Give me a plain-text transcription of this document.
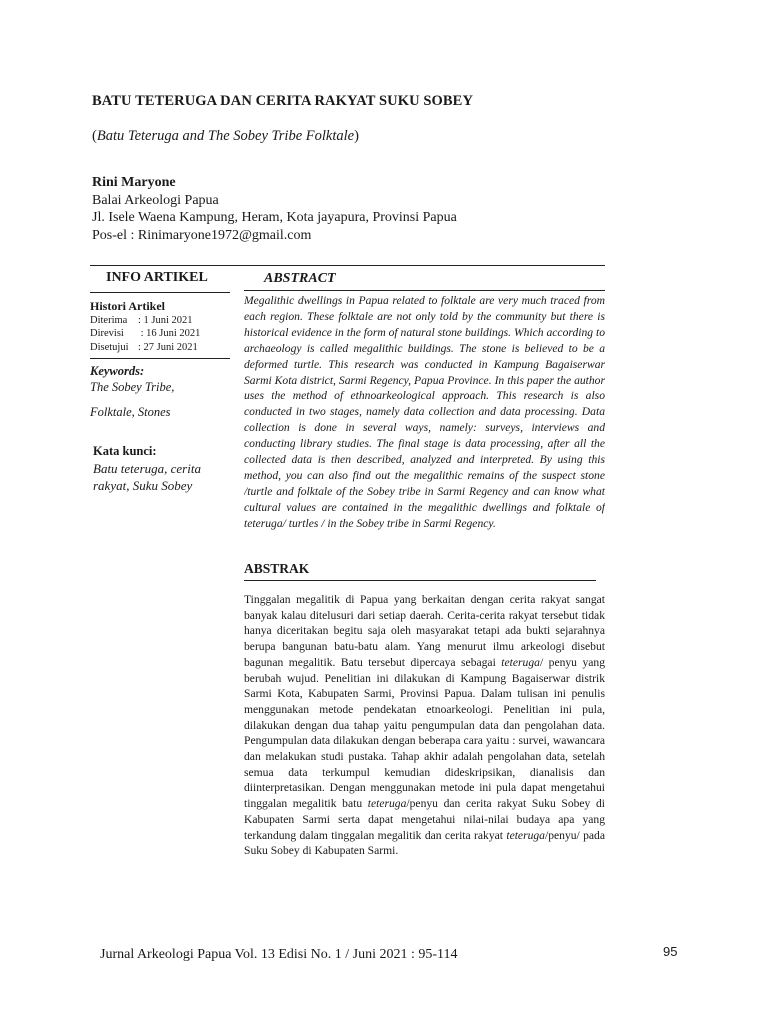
BATU TETERUGA DAN CERITA RAKYAT SUKU SOBEY
(Batu Teteruga and The Sobey Tribe Folktale)
Rini Maryone
Balai Arkeologi Papua
Jl. Isele Waena Kampung, Heram, Kota jayapura, Provinsi Papua
Pos-el : Rinimaryone1972@gmail.com
INFO ARTIKEL	ABSTRACT
Histori Artikel
Diterima : 1 Juni 2021
Direvisi : 16 Juni 2021
Disetujui : 27 Juni 2021
Keywords:
The Sobey Tribe,
Folktale, Stones
Kata kunci:
Batu teteruga, cerita rakyat, Suku Sobey
Megalithic dwellings in Papua related to folktale are very much traced from each region. These folktale are not only told by the community but there is historical evidence in the form of natural stone buildings. Which according to archaeology is called megalithic buildings. The stone is believed to be a deformed turtle. This research was conducted in Kampung Bagaiserwar Sarmi Kota district, Sarmi Regency, Papua Province. In this paper the author uses the method of ethnoarkeological approach. This research is also conducted in two stages, namely data collection and data processing. Data collection is done in several ways, namely: surveys, interviews and conducting library studies. The final stage is data processing, after all the collected data is then described, analyzed and interpreted. By using this method, you can also find out the megalithic remains of the suspect stone /turtle and folktale of the Sobey tribe in Sarmi Regency and can know what cultural values are contained in the megalithic dwellings and folktale of teteruga/ turtles / in the Sobey tribe in Sarmi Regency.
ABSTRAK
Tinggalan megalitik di Papua yang berkaitan dengan cerita rakyat sangat banyak kalau ditelusuri dari setiap daerah. Cerita-cerita rakyat tersebut tidak hanya diceritakan begitu saja oleh masyarakat tetapi ada bukti sejarahnya berupa bangunan batu-batu alam. Yang menurut ilmu arkeologi disebut bagunan megalitik. Batu tersebut dipercaya sebagai teteruga/ penyu yang berubah wujud. Penelitian ini dilakukan di Kampung Bagaiserwar distrik Sarmi Kota, Kabupaten Sarmi, Provinsi Papua. Dalam tulisan ini penulis menggunakan metode pendekatan etnoarkeologi. Penelitian ini pula, dilakukan dengan dua tahap yaitu pengumpulan data dan pengolahan data. Pengumpulan data dilakukan dengan beberapa cara yaitu : survei, wawancara dan melakukan studi pustaka. Tahap akhir adalah pengolahan data, setelah semua data terkumpul kemudian dideskripsikan, dianalisis dan diinterpretasikan. Dengan menggunakan metode ini pula dapat mengetahui tinggalan megalitik batu teteruga/penyu dan cerita rakyat Suku Sobey di Kabupaten Sarmi serta dapat mengetahui nilai-nilai budaya apa yang terkandung dalam tinggalan megalitik dan cerita rakyat teteruga/penyu/ pada Suku Sobey di Kabupaten Sarmi.
Jurnal Arkeologi Papua Vol. 13 Edisi No. 1 / Juni 2021 : 95-114	95
